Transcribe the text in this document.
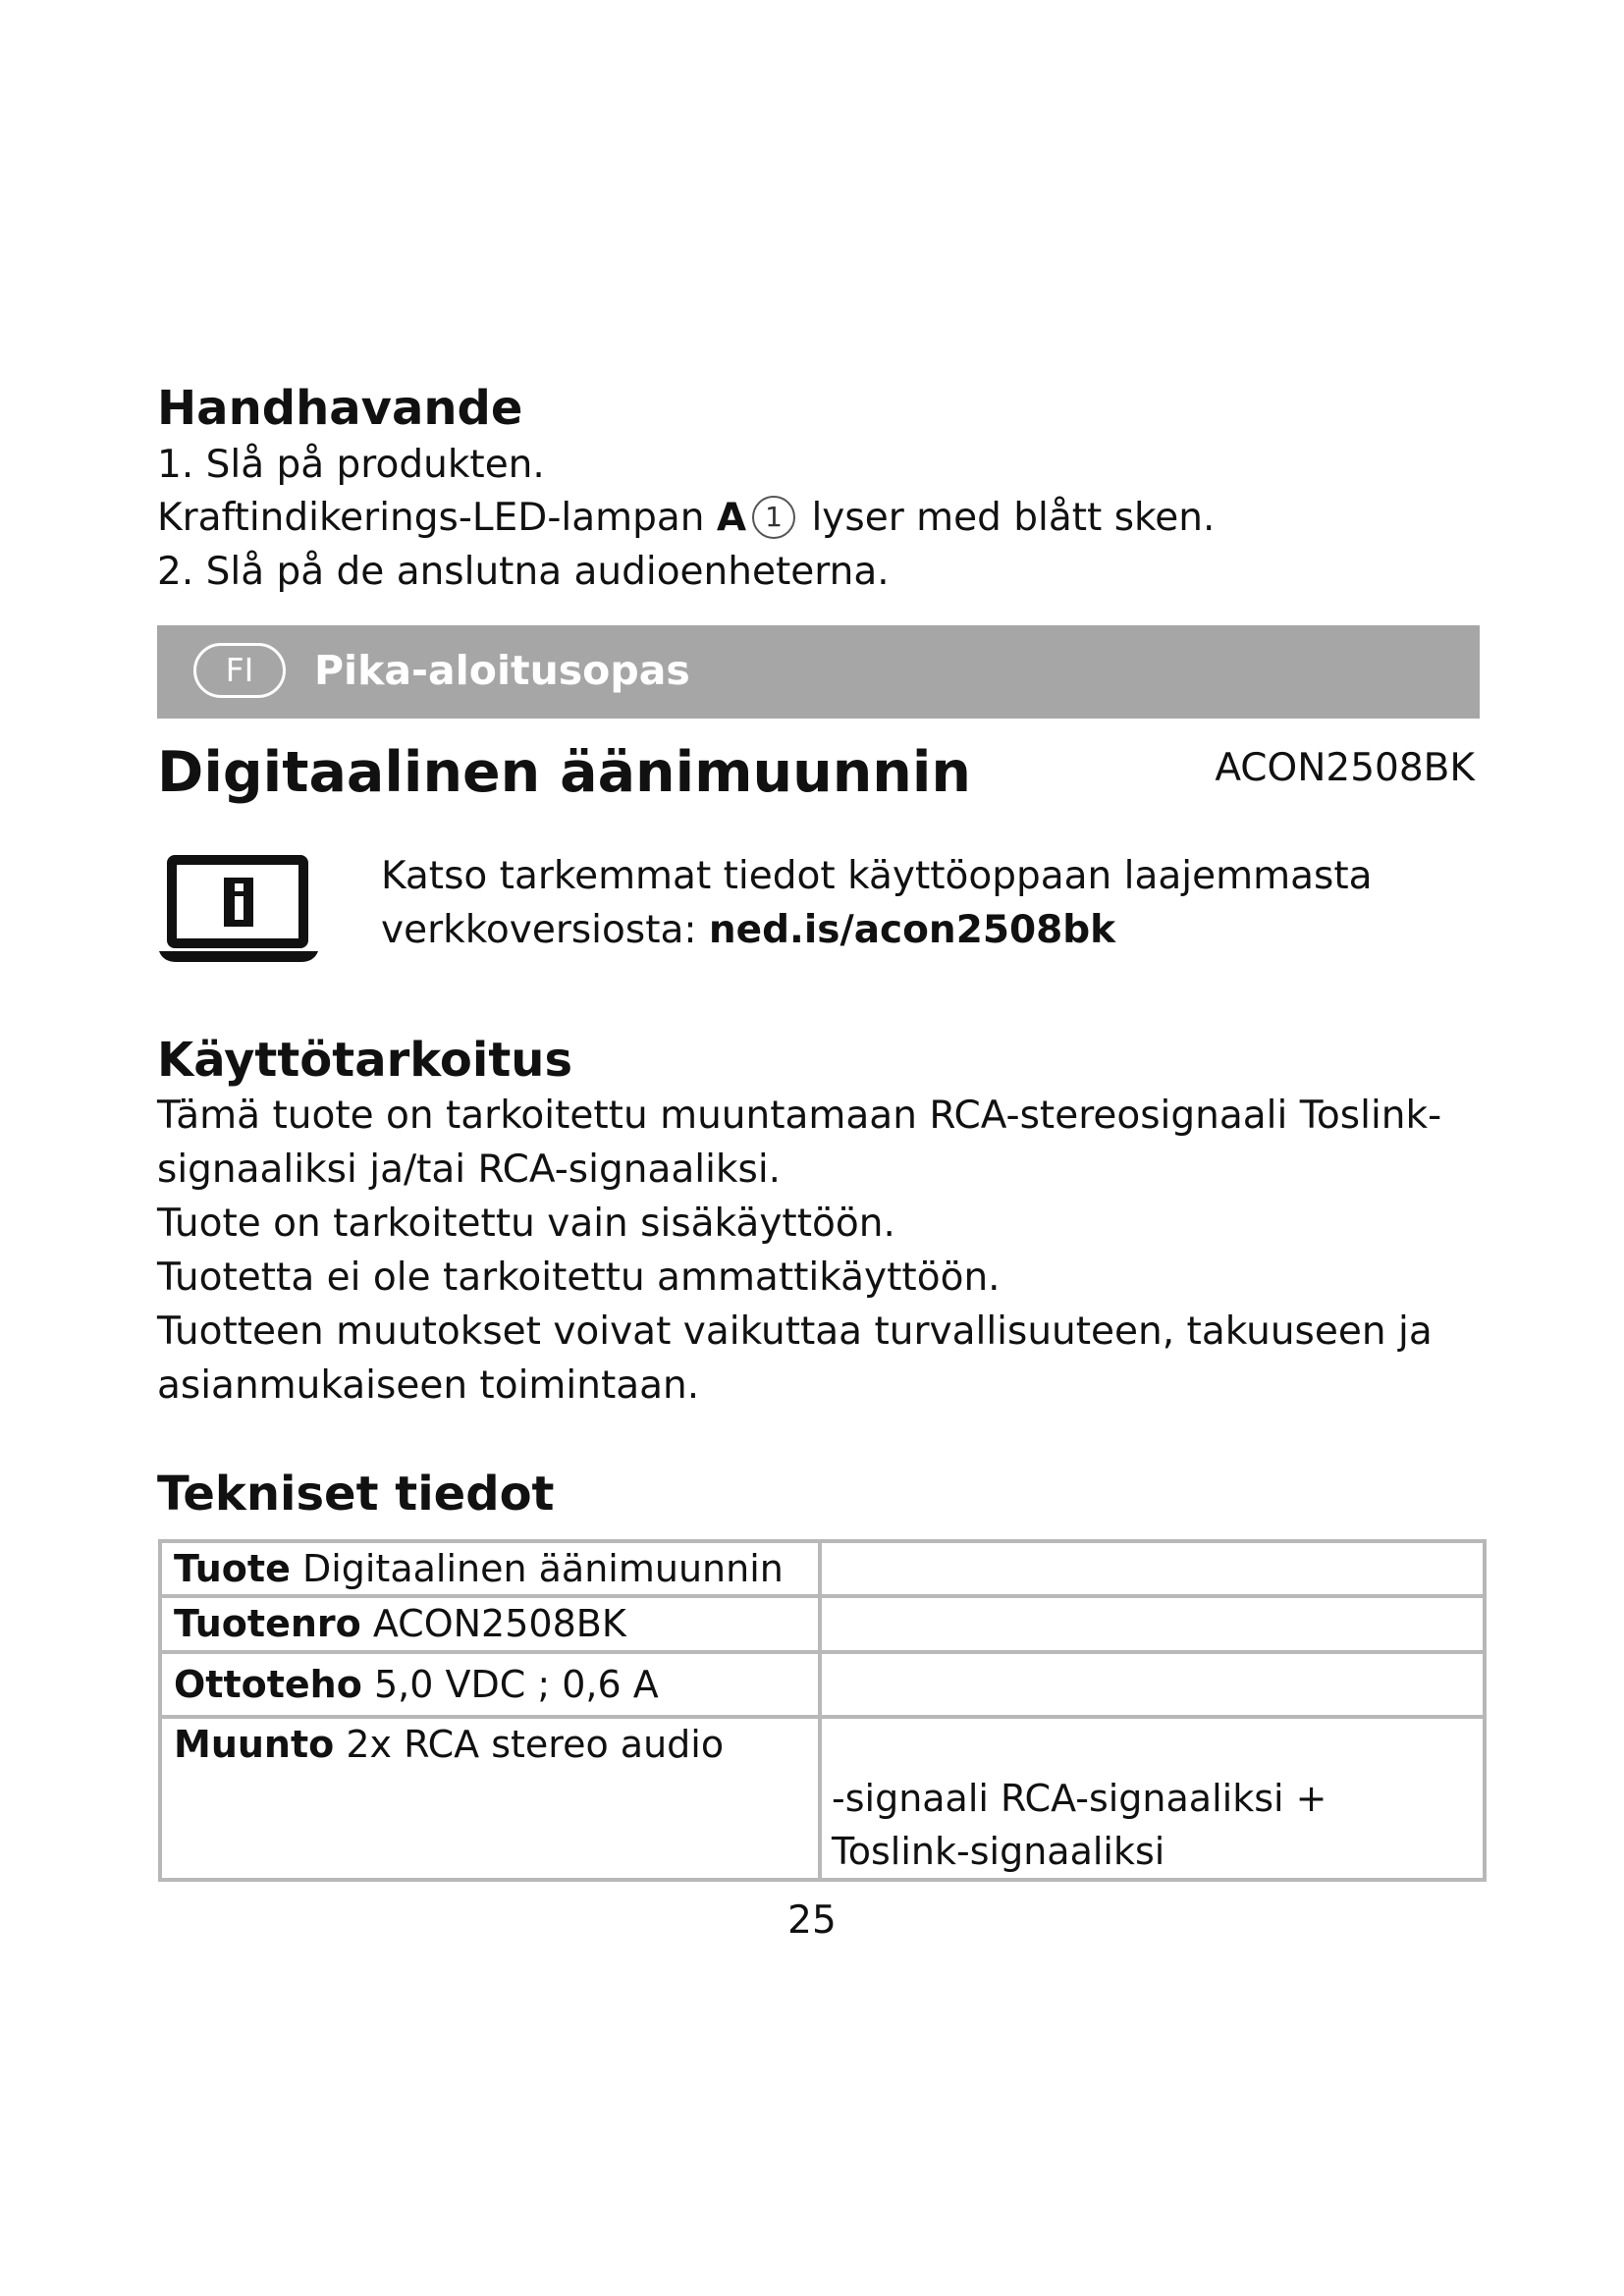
Handhavande
1. Slå på produkten.
Kraftindikerings-LED-lampan A 1 lyser med blått sken.
2. Slå på de anslutna audioenheterna.
FI	Pika-aloitusopas
Digitaalinen äänimuunnin	ACON2508BK
Katso tarkemmat tiedot käyttöoppaan laajemmasta
verkkoversiosta: ned.is/acon2508bk
Käyttötarkoitus
Tämä tuote on tarkoitettu muuntamaan RCA-stereosignaali Toslink-
signaaliksi ja/tai RCA-signaaliksi.
Tuote on tarkoitettu vain sisäkäyttöön.
Tuotetta ei ole tarkoitettu ammattikäyttöön.
Tuotteen muutokset voivat vaikuttaa turvallisuuteen, takuuseen ja
asianmukaiseen toimintaan.
Tekniset tiedot
Tuote Digitaalinen äänimuunnin	
Tuotenro ACON2508BK	
Ottoteho 5,0 VDC ; 0,6 A	
Muunto 2x RCA stereo audio	-signaali RCA-signaaliksi +
Toslink-signaaliksi
25
